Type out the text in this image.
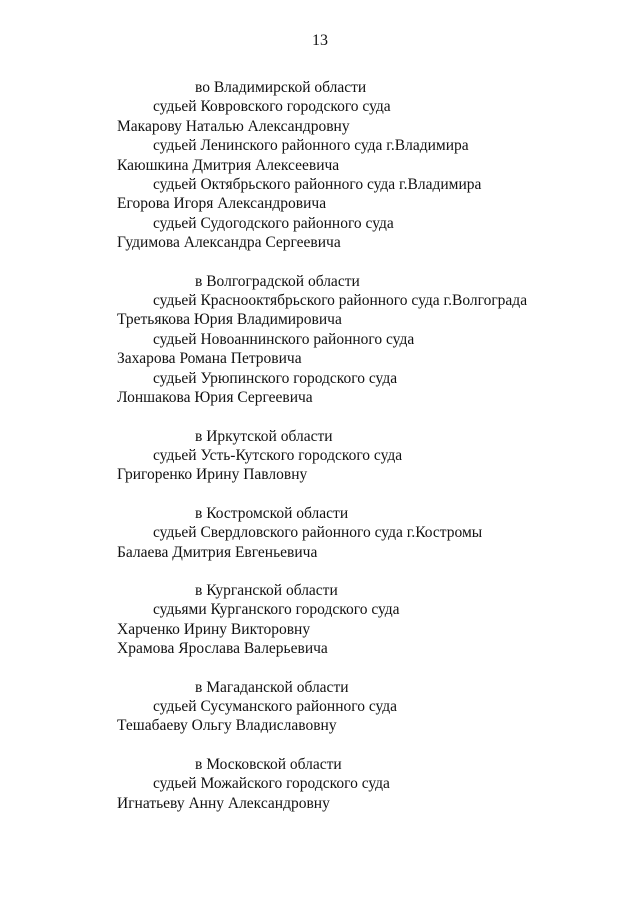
13
во Владимирской области
судьей Ковровского городского суда
Макарову Наталью Александровну
судьей Ленинского районного суда г.Владимира
Каюшкина Дмитрия Алексеевича
судьей Октябрьского районного суда г.Владимира
Егорова Игоря Александровича
судьей Судогодского районного суда
Гудимова Александра Сергеевича
в Волгоградской области
судьей Краснооктябрьского районного суда г.Волгограда
Третьякова Юрия Владимировича
судьей Новоаннинского районного суда
Захарова Романа Петровича
судьей Урюпинского городского суда
Лоншакова Юрия Сергеевича
в Иркутской области
судьей Усть-Кутского городского суда
Григоренко Ирину Павловну
в Костромской области
судьей Свердловского районного суда г.Костромы
Балаева Дмитрия Евгеньевича
в Курганской области
судьями Курганского городского суда
Харченко Ирину Викторовну
Храмова Ярослава Валерьевича
в Магаданской области
судьей Сусуманского районного суда
Тешабаеву Ольгу Владиславовну
в Московской области
судьей Можайского городского суда
Игнатьеву Анну Александровну
